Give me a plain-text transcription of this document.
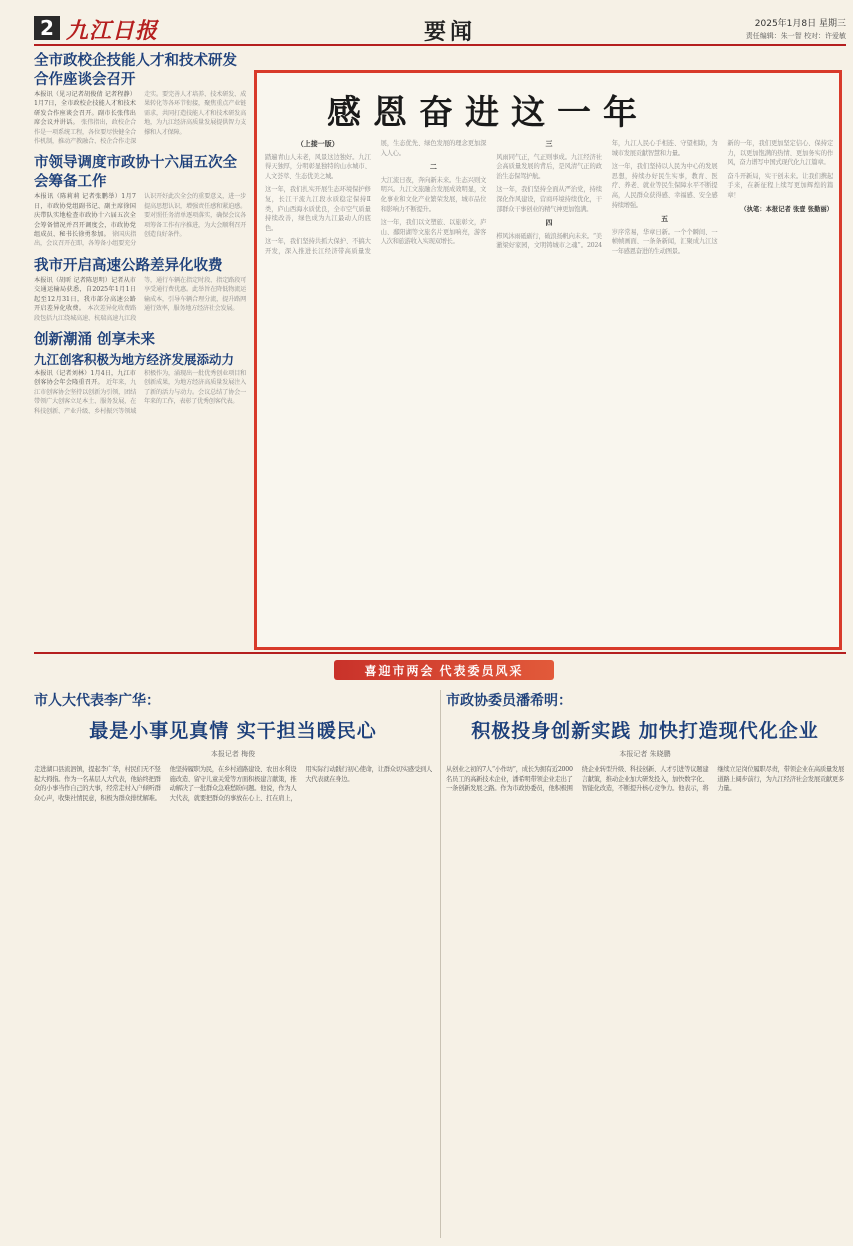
2 九江日报	要闻	2025年1月8日 星期三
责任编辑：朱一智 校对：许爱敏
全市政校企技能人才和技术研发合作座谈会召开
本报讯（见习记者胡俊倩 记者程静）1月7日，全市政校企技能人才和技术研发合作座谈会召开。副市长张伟出席会议并讲话。 张伟指出，政校企合作是一项系统工程，各位要尽快健全合作机制，推动产教融合、校企合作走深走实。要完善人才培养、技术研发、成果转化等各环节衔接，聚焦重点产业链需求，共同打造技能人才和技术研发高地，为九江经济高质量发展提供智力支撑和人才保障。
市领导调度市政协十六届五次全会筹备工作
本报讯（陈莉莉 记者张鹏举）1月7日，市政协党组副书记、副主席徐国庆带队实地检查市政协十六届五次全会筹备情况并召开调度会，市政协党组成员、秘书长徐勇参加。 徐国庆指出，会议召开在即，各筹备小组要充分认识开好此次全会的重要意义，进一步提高思想认识，增强责任感和紧迫感。要对照任务清单逐项落实，确保会议各项筹备工作有序推进，为大会顺利召开创造良好条件。
我市开启高速公路差异化收费
本报讯（胡昕 记者陈思明）记者从市交通运输局获悉，自2025年1月1日起至12月31日，我市部分高速公路开启差异化收费。 本次差异化收费路段包括九江绕城高速、杭瑞高速九江段等，通行车辆在指定时段、指定路段可享受通行费优惠。此举旨在降低物流运输成本，引导车辆合理分流，提升路网通行效率，服务地方经济社会发展。
创新潮涌 创享未来
九江创客积极为地方经济发展添动力
本报讯（记者刘林）1月4日，九江市创客协会年会隆重召开。 近年来，九江市创客协会坚持以创新为引领，团结带领广大创客立足本土、服务发展，在科技创新、产业升级、乡村振兴等领域积极作为，涌现出一批优秀创业项目和创新成果，为地方经济高质量发展注入了新的活力与动力。会议总结了协会一年来的工作，表彰了优秀创客代表。
感恩奋进这一年

（上接一版）

踏遍青山人未老，风景这边独好。九江得天独厚，分明彰显独特的山水城市、人文荟萃、生态优美之城。

这一年，我们扎实开展生态环境保护修复，长江干流九江段水质稳定保持Ⅱ类，庐山西海水质优良，全市空气质量持续改善，绿色成为九江最动人的底色。

这一年，我们坚持共抓大保护、不搞大开发，深入推进长江经济带高质量发展，生态优先、绿色发展的理念更加深入人心。

二

大江流日夜，奔向新未来。生态兴则文明兴。九江文旅融合发展成效明显，文化事业和文化产业繁荣发展，城市品位和影响力不断提升。

这一年，我们以文塑旅、以旅彰文，庐山、鄱阳湖等文旅名片更加响亮，游客人次和旅游收入实现双增长。

三

风雨同气正，气正则事成。九江经济社会高质量发展的背后，是风清气正的政治生态保驾护航。

这一年，我们坚持全面从严治党，持续深化作风建设，营商环境持续优化，干部群众干事创业的精气神更加饱满。

四

栉风沐雨砥砺行，破浪扬帆向未来。“美澈梁好家园，文明铸城市之魂”。2024年，九江人民心手相连、守望相助，为城市发展贡献智慧和力量。

这一年，我们坚持以人民为中心的发展思想，持续办好民生实事，教育、医疗、养老、就业等民生保障水平不断提高，人民群众获得感、幸福感、安全感持续增强。

五

岁序常易，华章日新。一个个瞬间、一帧帧画面、一条条新闻，汇聚成九江这一年感恩奋进的生动图景。

新的一年，我们更加坚定信心、保持定力，以更加饱满的热情、更加务实的作风，奋力谱写中国式现代化九江篇章。

奋斗开新局，实干创未来。让我们携起手来，在新征程上续写更加辉煌的篇章！

（执笔：本报记者 张壹 张勤丽）

喜迎市两会 代表委员风采
市人大代表李广华：
最是小事见真情 实干担当暖民心
本报记者 梅俊
走进湖口县流泗镇，提起李广华，村民们无不竖起大拇指。作为一名基层人大代表，他始终把群众的小事当作自己的大事，经常走村入户倾听群众心声，收集社情民意，积极为群众排忧解难。他坚持履职为民，在乡村道路建设、农田水利设施改造、留守儿童关爱等方面积极建言献策，推动解决了一批群众急难愁盼问题。他说，作为人大代表，就要把群众的事放在心上、扛在肩上，用实际行动践行初心使命，让群众切实感受到人大代表就在身边。
市政协委员潘希明：
积极投身创新实践 加快打造现代化企业
本报记者 朱晓鹏
从创业之初的7人“小作坊”，成长为拥有近2000名员工的高新技术企业，潘希明带领企业走出了一条创新发展之路。作为市政协委员，他积极围绕企业转型升级、科技创新、人才引进等议题建言献策，推动企业加大研发投入，加快数字化、智能化改造，不断提升核心竞争力。他表示，将继续立足岗位履职尽责，带领企业在高质量发展道路上阔步前行，为九江经济社会发展贡献更多力量。
